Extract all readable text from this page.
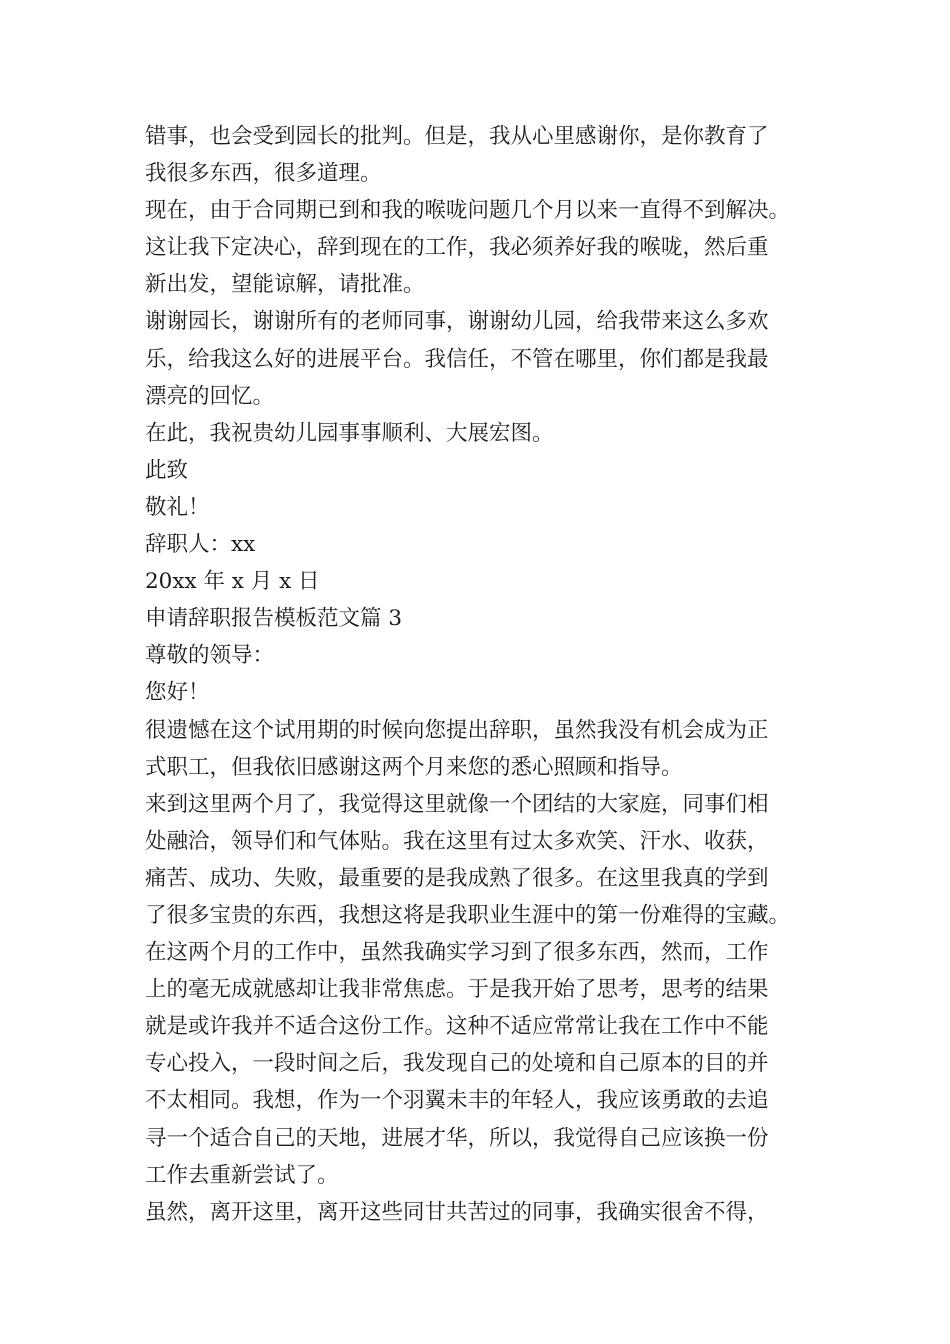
错事，也会受到园长的批判。但是，我从心里感谢你，是你教育了
我很多东西，很多道理。
现在，由于合同期已到和我的喉咙问题几个月以来一直得不到解决。
这让我下定决心，辞到现在的工作，我必须养好我的喉咙，然后重
新出发，望能谅解，请批准。
谢谢园长，谢谢所有的老师同事，谢谢幼儿园，给我带来这么多欢
乐，给我这么好的进展平台。我信任，不管在哪里，你们都是我最
漂亮的回忆。
在此，我祝贵幼儿园事事顺利、大展宏图。
此致
敬礼！
辞职人：xx
20xx 年 x 月 x 日
申请辞职报告模板范文篇 3
尊敬的领导：
您好！
很遗憾在这个试用期的时候向您提出辞职，虽然我没有机会成为正
式职工，但我依旧感谢这两个月来您的悉心照顾和指导。
来到这里两个月了，我觉得这里就像一个团结的大家庭，同事们相
处融洽，领导们和气体贴。我在这里有过太多欢笑、汗水、收获，
痛苦、成功、失败，最重要的是我成熟了很多。在这里我真的学到
了很多宝贵的东西，我想这将是我职业生涯中的第一份难得的宝藏。
在这两个月的工作中，虽然我确实学习到了很多东西，然而，工作
上的毫无成就感却让我非常焦虑。于是我开始了思考，思考的结果
就是或许我并不适合这份工作。这种不适应常常让我在工作中不能
专心投入，一段时间之后，我发现自己的处境和自己原本的目的并
不太相同。我想，作为一个羽翼未丰的年轻人，我应该勇敢的去追
寻一个适合自己的天地，进展才华，所以，我觉得自己应该换一份
工作去重新尝试了。
虽然，离开这里，离开这些同甘共苦过的同事，我确实很舍不得，
